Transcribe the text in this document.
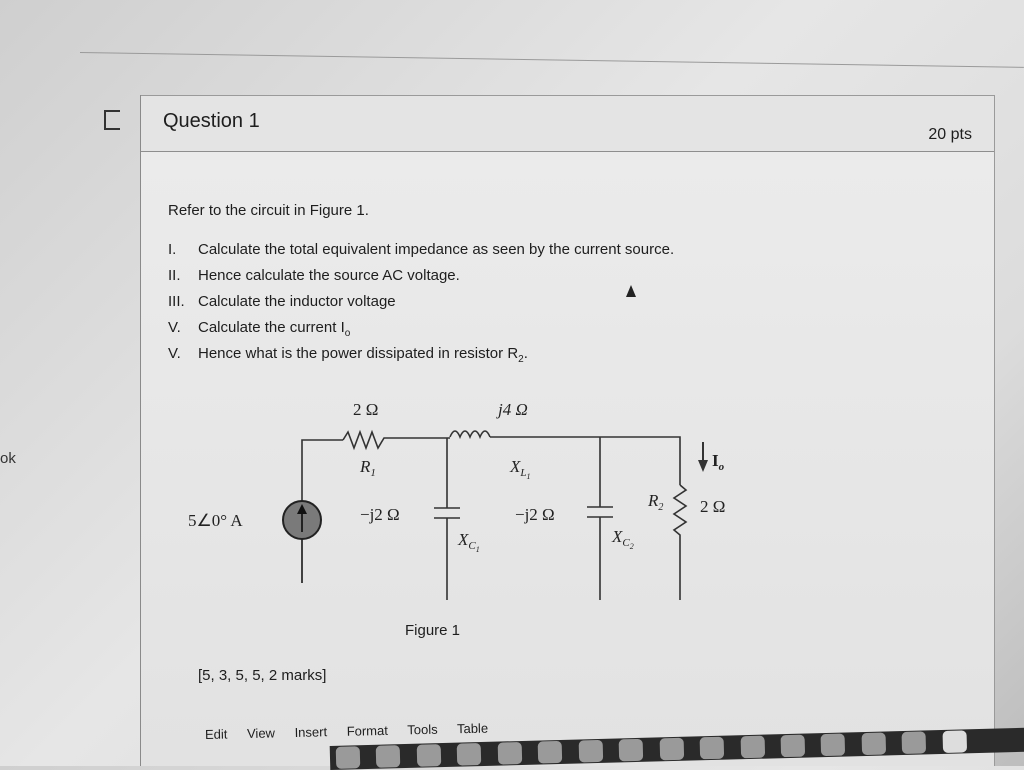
ok
Question 1
20 pts

Refer to the circuit in Figure 1.

I. Calculate the total equivalent impedance as seen by the current source.
II. Hence calculate the source AC voltage.
III. Calculate the inductor voltage
V. Calculate the current $I_o$
V. Hence what is the power dissipated in resistor $R_2$.
5∠0° A
2 Ω
$R_1$
j4 Ω
$X_L1$
−j2 Ω
$X_C1$
−j2 Ω
$X_C2$
$R_2$ 2 Ω
$I_o$
Figure 1
[5, 3, 5, 5, 2 marks]
Edit View Insert Format Tools Table
